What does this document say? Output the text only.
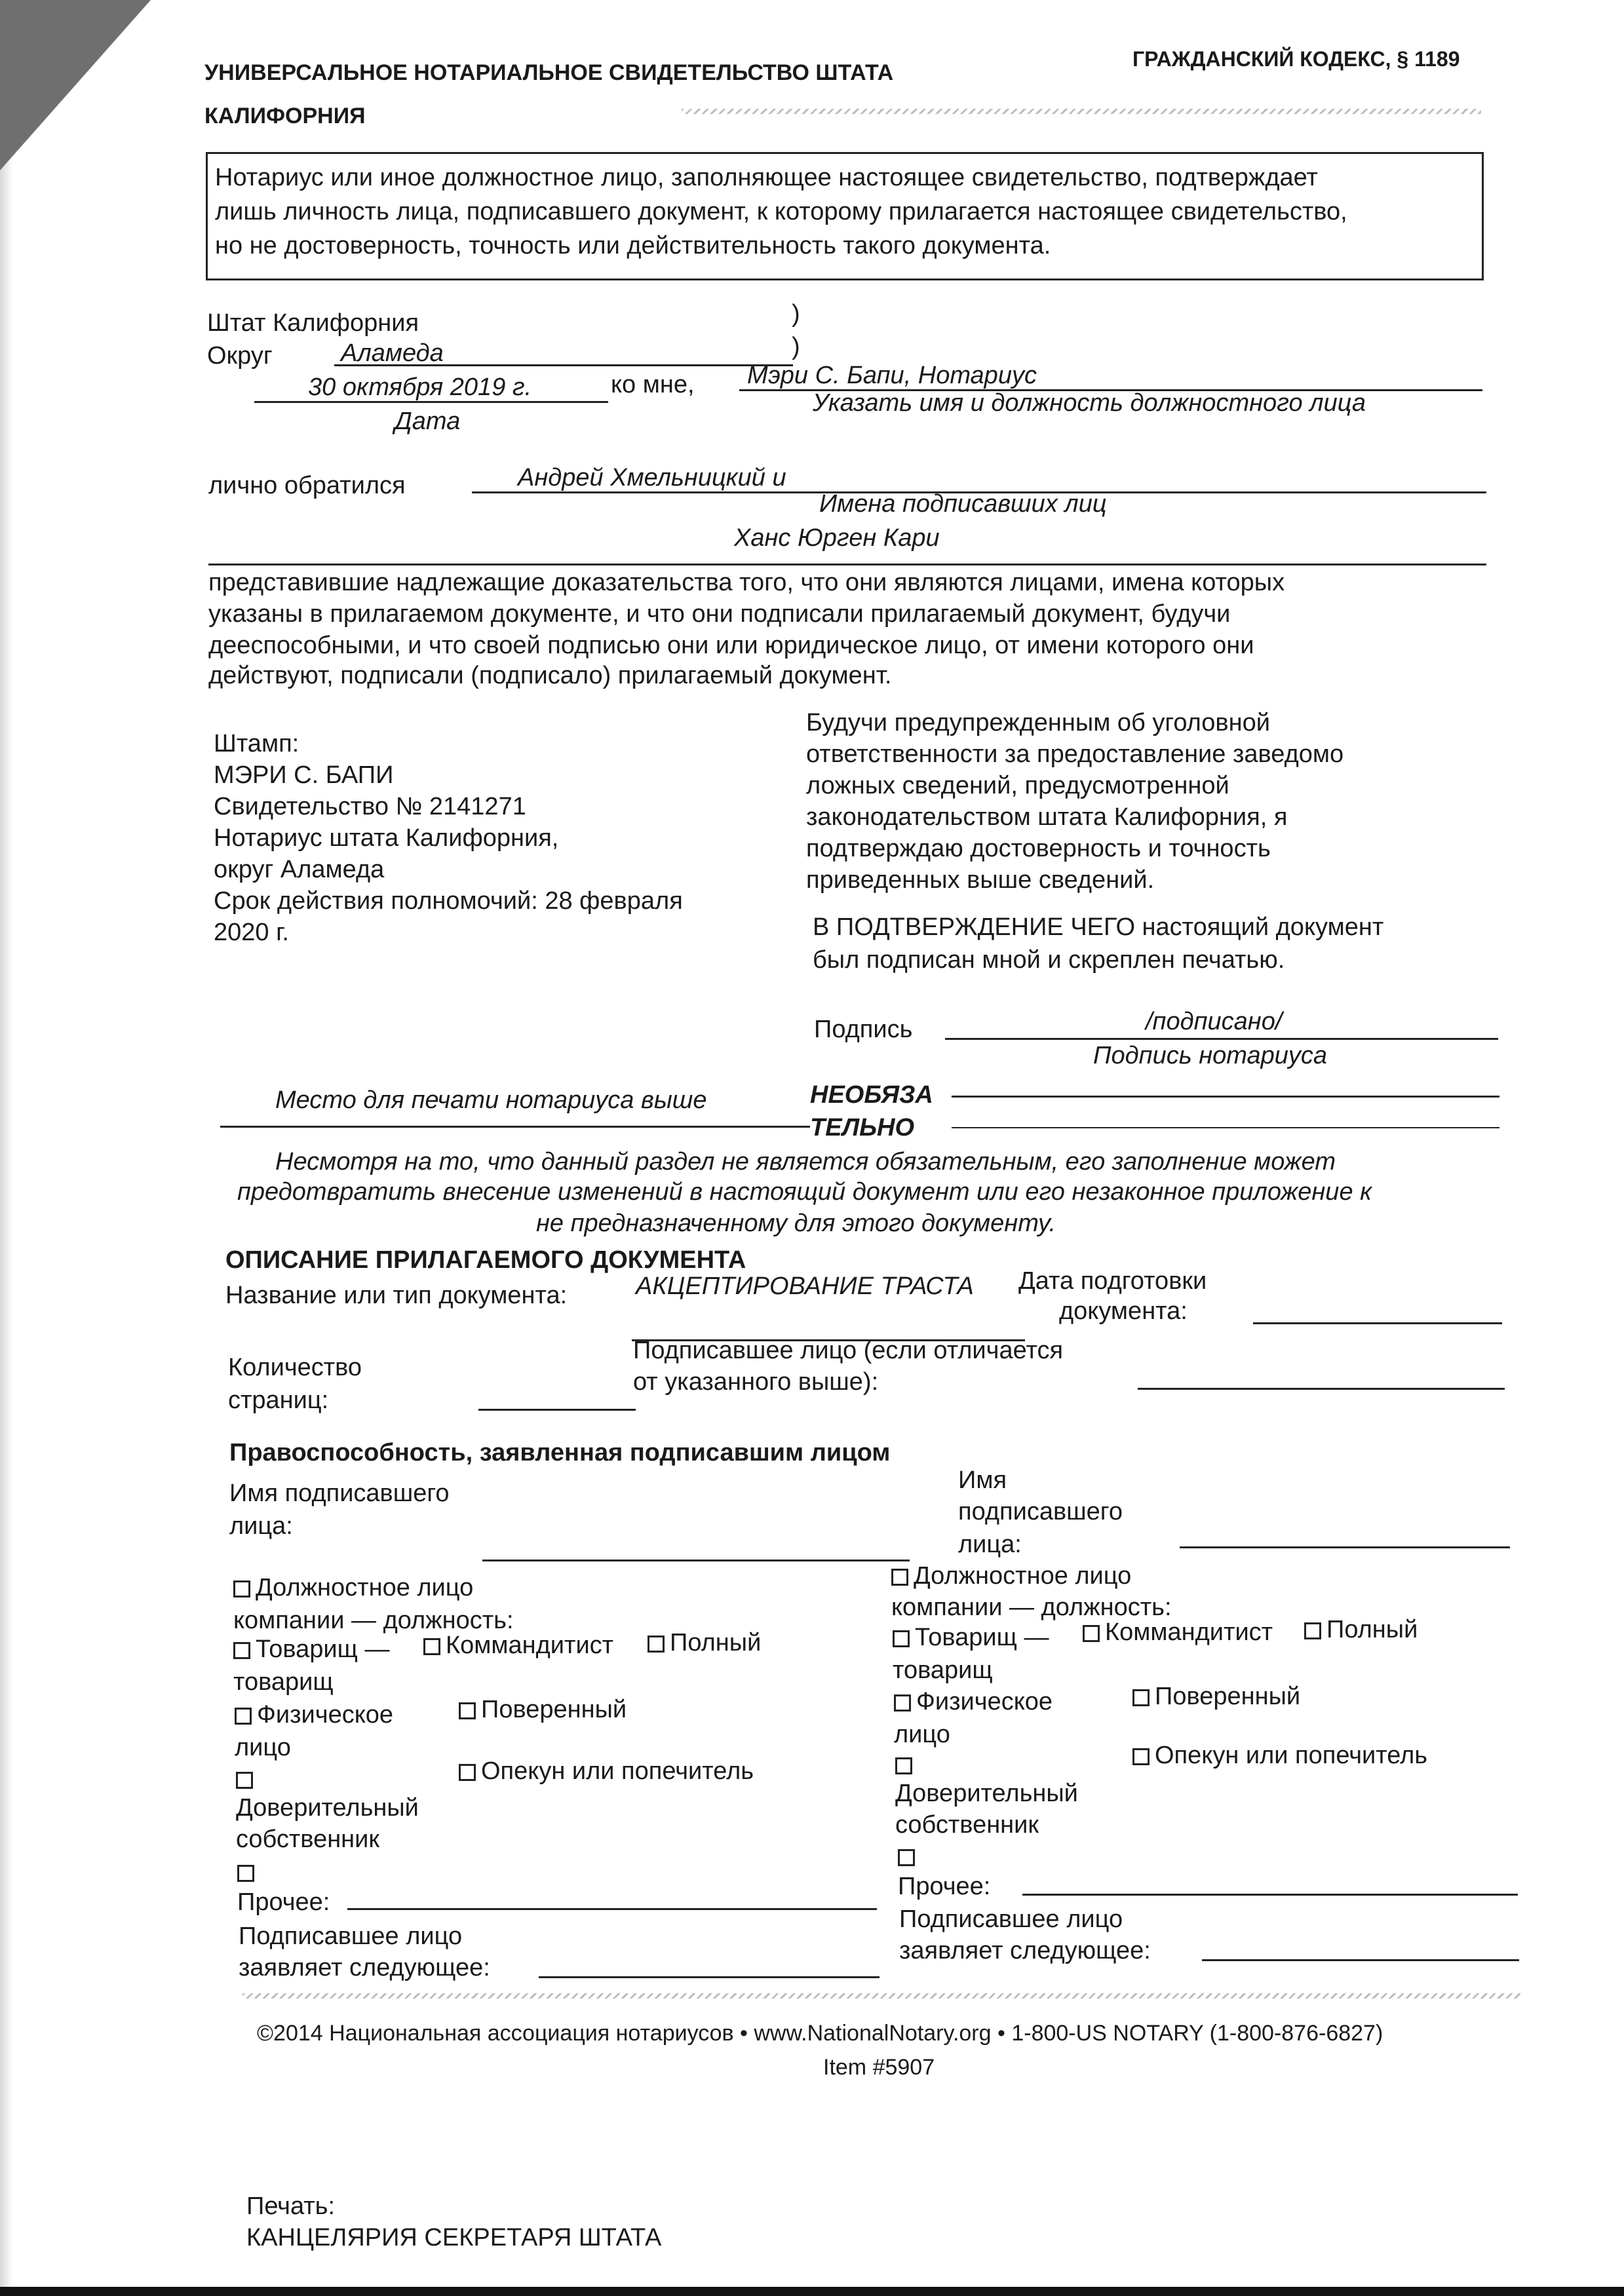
УНИВЕРСАЛЬНОЕ НОТАРИАЛЬНОЕ СВИДЕТЕЛЬСТВО ШТАТА
КАЛИФОРНИЯ
ГРАЖДАНСКИЙ КОДЕКС, § 1189
Нотариус или иное должностное лицо, заполняющее настоящее свидетельство, подтверждает
лишь личность лица, подписавшего документ, к которому прилагается настоящее свидетельство,
но не достоверность, точность или действительность такого документа.
Штат Калифорния	)
Округ	Аламеда	)
30 октября 2019 г.	ко мне, Мэри С. Бапи, Нотариус
Дата
Указать имя и должность должностного лица
лично обратился	Андрей Хмельницкий и
Имена подписавших лиц
Ханс Юрген Кари
представившие надлежащие доказательства того, что они являются лицами, имена которых
указаны в прилагаемом документе, и что они подписали прилагаемый документ, будучи
дееспособными, и что своей подписью они или юридическое лицо, от имени которого они
действуют, подписали (подписало) прилагаемый документ.
Штамп:
МЭРИ С. БАПИ
Свидетельство № 2141271
Нотариус штата Калифорния,
округ Аламеда
Срок действия полномочий: 28 февраля
2020 г.
Будучи предупрежденным об уголовной
ответственности за предоставление заведомо
ложных сведений, предусмотренной
законодательством штата Калифорния, я
подтверждаю достоверность и точность
приведенных выше сведений.
В ПОДТВЕРЖДЕНИЕ ЧЕГО настоящий документ
был подписан мной и скреплен печатью.
Подпись	/подписано/
Подпись нотариуса
Место для печати нотариуса выше	НЕОБЯЗА
ТЕЛЬНО
Несмотря на то, что данный раздел не является обязательным, его заполнение может
предотвратить внесение изменений в настоящий документ или его незаконное приложение к
не предназначенному для этого документу.
ОПИСАНИЕ ПРИЛАГАЕМОГО ДОКУМЕНТА
Название или тип документа:	АКЦЕПТИРОВАНИЕ ТРАСТА Дата подготовки
документа:
Количество
страниц:
Подписавшее лицо (если отличается
от указанного выше):
Правоспособность, заявленная подписавшим лицом
Имя подписавшего
лица:
Должностное лицо
компании — должность:
Товарищ —	Коммандитист	Полный
товарищ
Физическое
лицо
Поверенный
Доверительный
собственник
Опекун или попечитель
Прочее:
Подписавшее лицо
заявляет следующее:
Имя
подписавшего
лица:
Должностное лицо
компании — должность:
Товарищ —	Коммандитист	Полный
товарищ
Физическое
лицо
Поверенный
Доверительный
собственник
Опекун или попечитель
Прочее:
Подписавшее лицо
заявляет следующее:
©2014 Национальная ассоциация нотариусов • www.NationalNotary.org • 1-800-US NOTARY (1-800-876-6827)
Item #5907
Печать:
КАНЦЕЛЯРИЯ СЕКРЕТАРЯ ШТАТА
